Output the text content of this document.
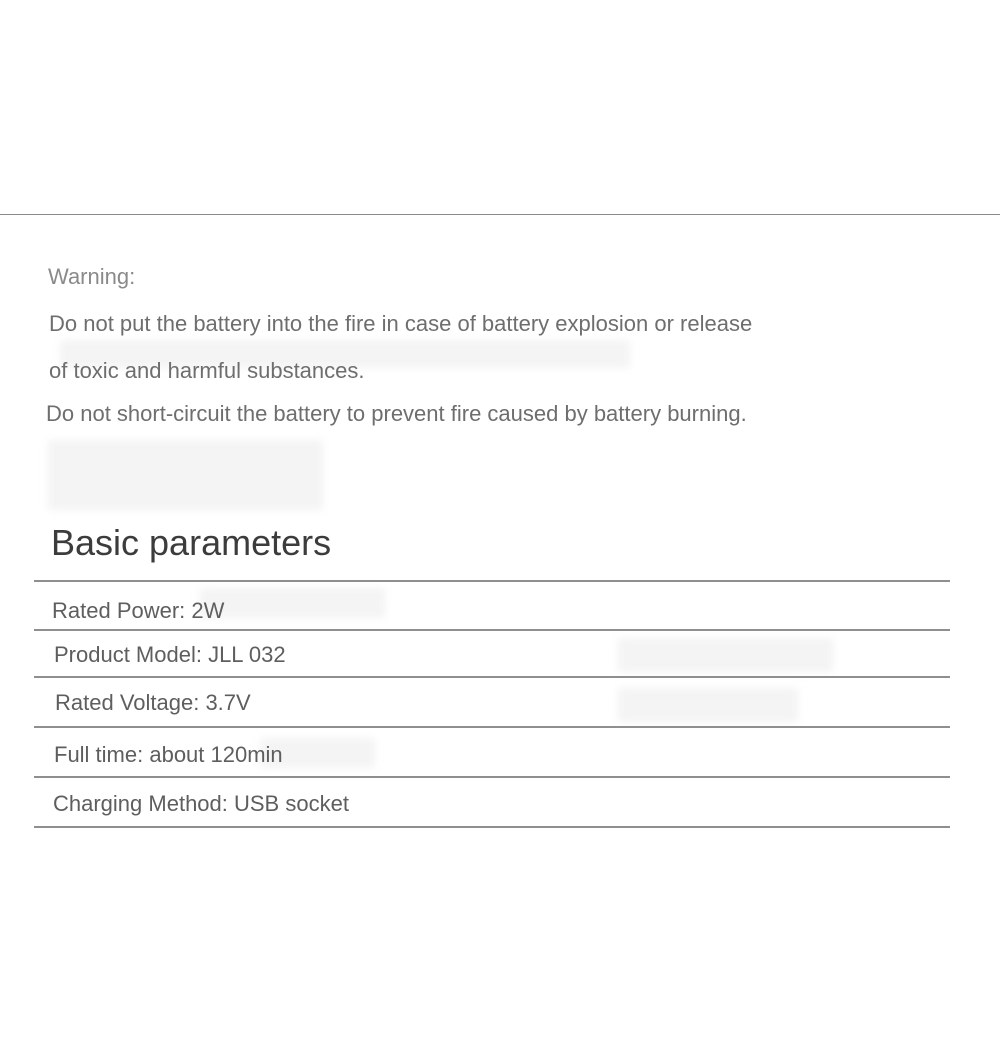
Warning:
Do not put the battery into the fire in case of battery explosion or release
of toxic and harmful substances.
Do not short-circuit the battery to prevent fire caused by battery burning.
Basic parameters
Rated Power: 2W
Product Model: JLL 032
Rated Voltage: 3.7V
Full time: about 120min
Charging Method: USB socket
